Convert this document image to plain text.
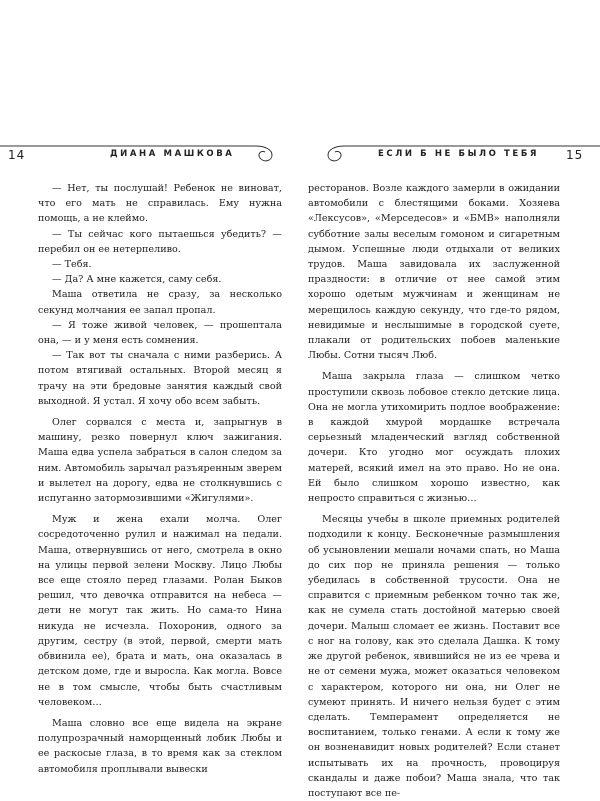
14	ДИАНА МАШКОВА

— Нет, ты послушай! Ребенок не виноват, что его мать не справилась. Ему нужна помощь, а не клеймо.

— Ты сейчас кого пытаешься убедить? — перебил он ее нетерпеливо.

— Тебя.

— Да? А мне кажется, саму себя.

Маша ответила не сразу, за несколько секунд молчания ее запал пропал.

— Я тоже живой человек, — прошептала она, — и у меня есть сомнения.

— Так вот ты сначала с ними разберись. А потом втягивай остальных. Второй месяц я трачу на эти бредовые занятия каждый свой выходной. Я устал. Я хочу обо всем забыть.

Олег сорвался с места и, запрыгнув в машину, резко повернул ключ зажигания. Маша едва успела забраться в салон следом за ним. Автомобиль зарычал разъяренным зверем и вылетел на дорогу, едва не столкнувшись с испуганно затормозившими «Жигулями».

Муж и жена ехали молча. Олег сосредоточенно рулил и нажимал на педали. Маша, отвернувшись от него, смотрела в окно на улицы первой зелени Москву. Лицо Любы все еще стояло перед глазами. Ролан Быков решил, что девочка отправится на небеса — дети не могут так жить. Но сама-то Нина никуда не исчезла. Похоронив, одного за другим, сестру (в этой, первой, смерти мать обвинила ее), брата и мать, она оказалась в детском доме, где и выросла. Как могла. Вовсе не в том смысле, чтобы быть счастливым человеком…

Маша словно все еще видела на экране полупрозрачный наморщенный лобик Любы и ее раскосые глаза, в то время как за стеклом автомобиля проплывали вывески

ЕСЛИ Б НЕ БЫЛО ТЕБЯ 15

ресторанов. Возле каждого замерли в ожидании автомобили с блестящими боками. Хозяева «Лексусов», «Мерседесов» и «БМВ» наполняли субботние залы веселым гомоном и сигаретным дымом. Успешные люди отдыхали от великих трудов. Маша завидовала их заслуженной праздности: в отличие от нее самой этим хорошо одетым мужчинам и женщинам не мерещилось каждую секунду, что где-то рядом, невидимые и неслышимые в городской суете, плакали от родительских побоев маленькие Любы. Сотни тысяч Люб.

Маша закрыла глаза — слишком четко проступили сквозь лобовое стекло детские лица. Она не могла утихомирить подлое воображение: в каждой хмурой мордашке встречала серьезный младенческий взгляд собственной дочери. Кто угодно мог осуждать плохих матерей, всякий имел на это право. Но не она. Ей было слишком хорошо известно, как непросто справиться с жизнью…

Месяцы учебы в школе приемных родителей подходили к концу. Бесконечные размышления об усыновлении мешали ночами спать, но Маша до сих пор не приняла решения — только убедилась в собственной трусости. Она не справится с приемным ребенком точно так же, как не сумела стать достойной матерью своей дочери. Малыш сломает ее жизнь. Поставит все с ног на голову, как это сделала Дашка. К тому же другой ребенок, явившийся не из ее чрева и не от семени мужа, может оказаться человеком с характером, которого ни она, ни Олег не сумеют принять. И ничего нельзя будет с этим сделать. Темперамент определяется не воспитанием, только генами. А если к тому же он возненавидит новых родителей? Если станет испытывать их на прочность, провоцируя скандалы и даже побои? Маша знала, что так поступают все пе-
